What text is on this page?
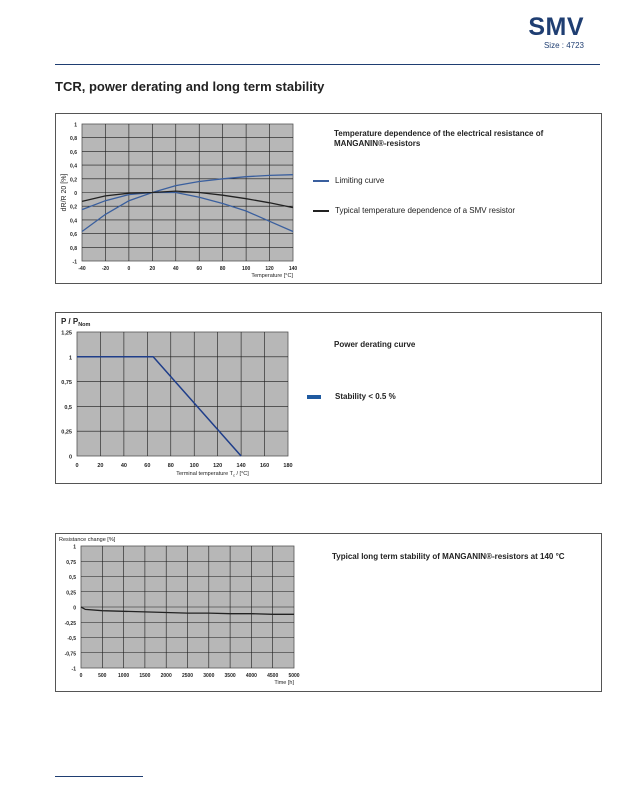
SMV
Size : 4723
TCR, power derating and long term stability
-40	-20	0	20	40	60	80	100	120	140
1
0,8
0,6
0,4
0,2
0
0,2
0,4
0,6
0,8
-1
dR/R 20 [%]
Temperature [°C]
Temperature dependence of the electrical resistance of
MANGANIN®-resistors
Limiting curve
Typical temperature dependence of a SMV resistor
0	20	40	60	80	100	120	140	160	180
1,25
1
0,75
0,5
0,25
0
P / $P_{Nom}$
Terminal temperature $T_c / [^\circ C]$
Power derating curve
Stability < 0.5 %
0	500 1000 1500 2000 2500 3000 3500 4000 4500 5000
1
0,75
0,5
0,25
0
-0,25
-0,5
-0,75
-1
Resistance change [%]
Time [h]
Typical long term stability of MANGANIN®-resistors at 140 °C
